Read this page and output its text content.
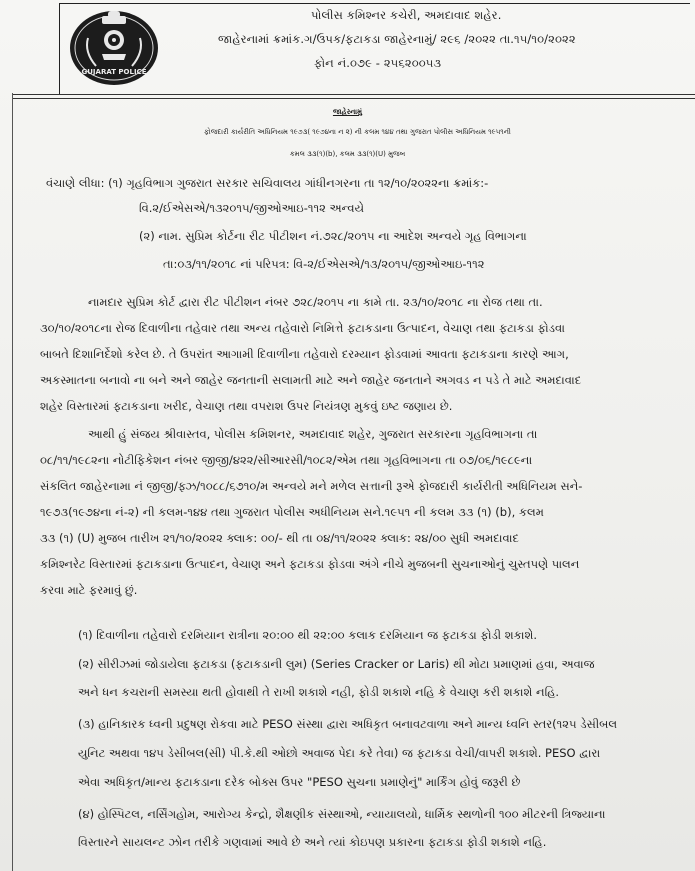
GUJARAT POLICE
પોલીસ કમિશ્નર કચેરી, અમદાવાદ શહેર.
જાહેરનામાં ક્રમાંક.ગ/ઉપક/ફટાકડા જાહેરનામું/ ૨૯૬ /૨૦૨૨ તા.૧૫/૧૦/૨૦૨૨
ફોન નં.૦૭૯ - ૨૫૬૨૦૦૫૩
જાહેરનામું
ફોજદારી કાર્યરીતિ અધિનિયમ ૧૯૭૩( ૧૯૭૪ના ન ૨) ની કલમ ૧૪૪ તથા ગુજરાત પોલીસ અધિનિયમ ૧૯૫૧ની
કમલ ૩૩(૧)(b), કલમ ૩૩(૧)(U) મુજબ
વંચાણે લીધા: (૧) ગૃહવિભાગ ગુજરાત સરકાર સચિવાલય ગાંધીનગરના તા ૧૨/૧૦/૨૦૨૨ના ક્રમાંક:-
વિ.૨/ઈએસએ/૧૩૨૦૧૫/જીઓઆઇ-૧૧૨ અન્વયે
(૨) નામ. સુપ્રિમ કોર્ટના રીટ પીટીશન નં.૭૨૮/૨૦૧૫ ના આદેશ અન્વયે ગૃહ વિભાગના
તા:૦૩/૧૧/૨૦૧૮ નાં પરિપત્ર: વિ-૨/ઈએસએ/૧૩/૨૦૧૫/જીઓઆઇ-૧૧૨
નામદાર સુપ્રિમ કોર્ટ દ્વારા રીટ પીટીશન નંબર ૭૨૮/૨૦૧૫ ના કામે તા. ૨૩/૧૦/૨૦૧૮ ના રોજ તથા તા.
૩૦/૧૦/૨૦૧૮ના રોજ દિવાળીના તહેવાર તથા અન્ય તહેવારો નિમિત્તે ફટાકડાના ઉત્પાદન, વેચાણ તથા ફટાકડા ફોડવા
બાબતે દિશાનિર્દેશો કરેલ છે. તે ઉપરાંત આગામી દિવાળીના તહેવારો દરમ્યાન ફોડવામાં આવતા ફટાકડાના કારણે આગ,
અકસ્માતના બનાવો ના બને અને જાહેર જનતાની સલામતી માટે અને જાહેર જનતાને અગવડ ન પડે તે માટે અમદાવાદ
શહેર વિસ્તારમાં ફટાકડાના ખરીદ, વેચાણ તથા વપરાશ ઉપર નિયંત્રણ મુકવું ઇષ્ટ જણાય છે.
આથી હું સંજય શ્રીવાસ્તવ, પોલીસ કમિશનર, અમદાવાદ શહેર, ગુજરાત સરકારના ગૃહવિભાગના તા
૦૮/૧૧/૧૯૮૨ના નોટીફિકેશન નંબર જીજી/૪૨૨/સીઆરસી/૧૦૮૨/એમ તથા ગૃહવિભાગના તા ૦૭/૦૬/૧૯૮૯ના
સંકલિત જાહેરનામા નં જીજી/ફ્ઝ/૧૦૮૮/૬૭૧૦/મ અન્વયે મને મળેલ સત્તાની રૂએ ફોજદારી કાર્યરીતી અધિનિયમ સને-
૧૯૭૩(૧૯૭૪ના નં-૨) ની કલમ-૧૪૪ તથા ગુજરાત પોલીસ અધીનિયમ સને.૧૯૫૧ ની કલમ ૩૩ (૧) (b), કલમ
૩૩ (૧) (U) મુજબ તારીખ ૨૧/૧૦/૨૦૨૨ ક્લાક: ૦૦/- થી તા ૦૪/૧૧/૨૦૨૨ ક્લાક: ૨૪/૦૦ સુધી અમદાવાદ
કમિશ્નરેટ વિસ્તારમાં ફટાકડાના ઉત્પાદન, વેચાણ અને ફટાકડા ફોડવા અંગે નીચે મુજબની સુચનાઓનું ચુસ્તપણે પાલન
કરવા માટે ફરમાવું છું.
(૧) દિવાળીના તહેવારો દરમિયાન રાત્રીના ૨૦:૦૦ થી ૨૨:૦૦ કલાક દરમિયાન જ ફટાકડા ફોડી શકાશે.
(૨) સીરીઝમાં જોડાયેલા ફટાકડા (ફટાકડાની લુમ) (Series Cracker or Laris) થી મોટા પ્રમાણમાં હવા, અવાજ
અને ધન કચરાની સમસ્યા થતી હોવાથી તે રાખી શકાશે નહી, ફોડી શકાશે નહિ કે વેચાણ કરી શકાશે નહિ.
(૩) હાનિકારક ધ્વની પ્રદુષણ રોકવા માટે PESO સંસ્થા દ્વારા અધિકૃત બનાવટવાળા અને માન્ય ધ્વનિ સ્તર(૧૨૫ ડેસીબલ
યુનિટ અથવા ૧૪૫ ડેસીબલ(સી) પી.કે.થી ઓછો અવાજ પેદા કરે તેવા) જ ફટાકડા વેચી/વાપરી શકાશે. PESO દ્વારા
એવા અધિકૃત/માન્ય ફટાકડાના દરેક બોક્સ ઉપર "PESO સુચના પ્રમાણેનું" માર્કિંગ હોવું જરૂરી છે
(૪) હોસ્પિટલ, નર્સિંગહોમ, આરોગ્ય કેન્દ્રો, શૈક્ષણીક સંસ્થાઓ, ન્યાયાલયો, ધાર્મિક સ્થળોની ૧૦૦ મીટરની ત્રિજ્યાના
વિસ્તારને સાયલન્ટ ઝોન તરીકે ગણવામાં આવે છે અને ત્યાં કોઇપણ પ્રકારના ફટાકડા ફોડી શકાશે નહિ.
